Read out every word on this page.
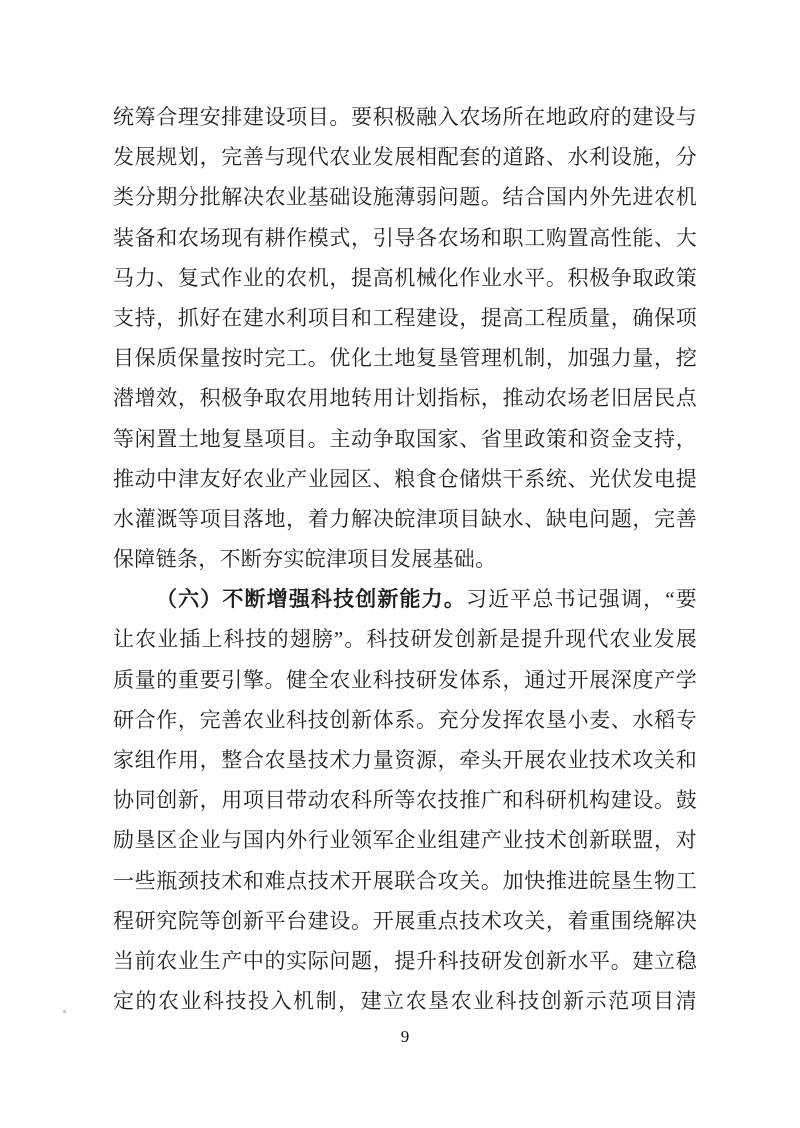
统筹合理安排建设项目。要积极融入农场所在地政府的建设与
发展规划，完善与现代农业发展相配套的道路、水利设施，分
类分期分批解决农业基础设施薄弱问题。结合国内外先进农机
装备和农场现有耕作模式，引导各农场和职工购置高性能、大
马力、复式作业的农机，提高机械化作业水平。积极争取政策
支持，抓好在建水利项目和工程建设，提高工程质量，确保项
目保质保量按时完工。优化土地复垦管理机制，加强力量，挖
潜增效，积极争取农用地转用计划指标，推动农场老旧居民点
等闲置土地复垦项目。主动争取国家、省里政策和资金支持，
推动中津友好农业产业园区、粮食仓储烘干系统、光伏发电提
水灌溉等项目落地，着力解决皖津项目缺水、缺电问题，完善
保障链条，不断夯实皖津项目发展基础。
（六）不断增强科技创新能力。习近平总书记强调，“要
让农业插上科技的翅膀”。科技研发创新是提升现代农业发展
质量的重要引擎。健全农业科技研发体系，通过开展深度产学
研合作，完善农业科技创新体系。充分发挥农垦小麦、水稻专
家组作用，整合农垦技术力量资源，牵头开展农业技术攻关和
协同创新，用项目带动农科所等农技推广和科研机构建设。鼓
励垦区企业与国内外行业领军企业组建产业技术创新联盟，对
一些瓶颈技术和难点技术开展联合攻关。加快推进皖垦生物工
程研究院等创新平台建设。开展重点技术攻关，着重围绕解决
当前农业生产中的实际问题，提升科技研发创新水平。建立稳
定的农业科技投入机制，建立农垦农业科技创新示范项目清
9
